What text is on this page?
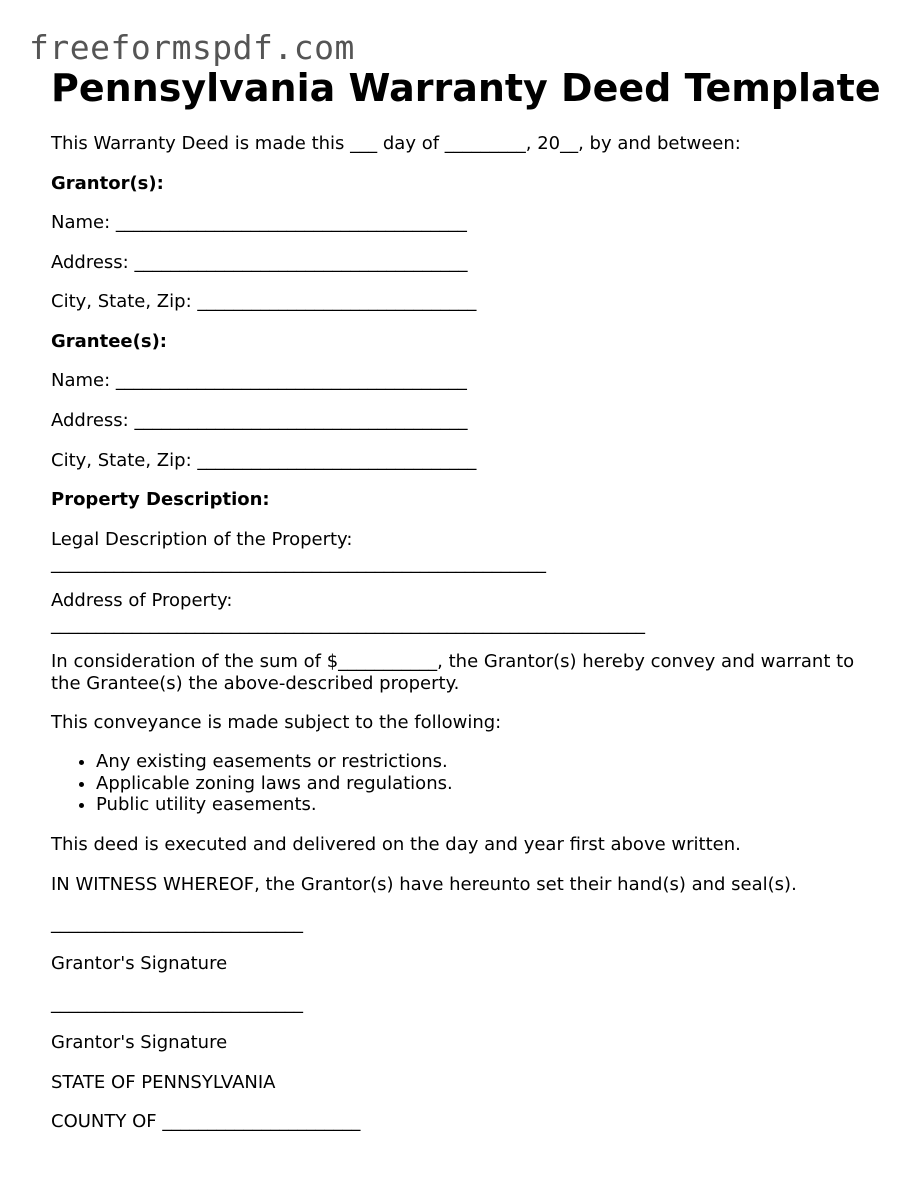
freeformspdf.com
Pennsylvania Warranty Deed Template
This Warranty Deed is made this ___ day of _________, 20__, by and between:
Grantor(s):
Name: _______________________________________
Address: _____________________________________
City, State, Zip: _______________________________
Grantee(s):
Name: _______________________________________
Address: _____________________________________
City, State, Zip: _______________________________
Property Description:
Legal Description of the Property:
_______________________________________________________
Address of Property:
__________________________________________________________________
In consideration of the sum of $___________, the Grantor(s) hereby convey and warrant to the Grantee(s) the above-described property.
This conveyance is made subject to the following:
• Any existing easements or restrictions.
• Applicable zoning laws and regulations.
• Public utility easements.
This deed is executed and delivered on the day and year first above written.
IN WITNESS WHEREOF, the Grantor(s) have hereunto set their hand(s) and seal(s).
____________________________
Grantor's Signature
____________________________
Grantor's Signature
STATE OF PENNSYLVANIA
COUNTY OF ______________________
